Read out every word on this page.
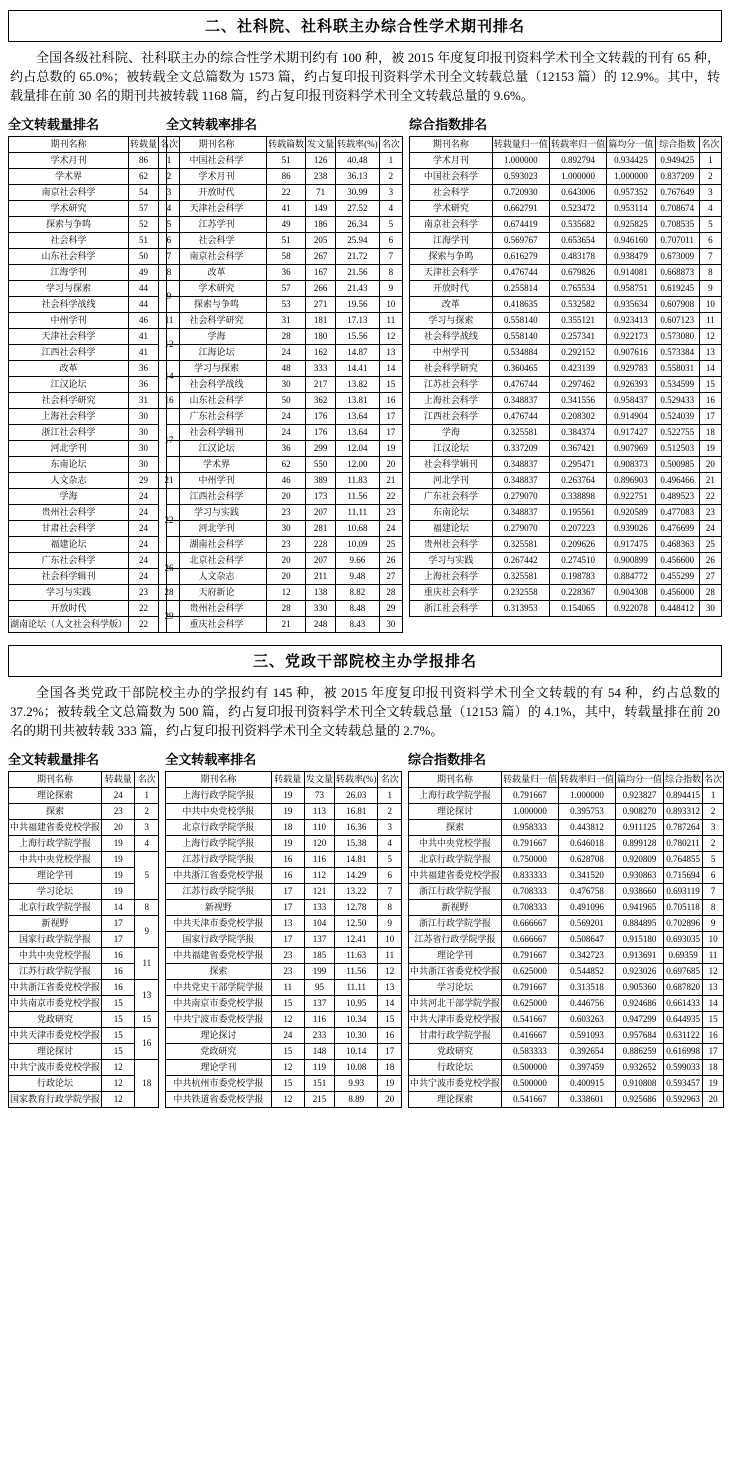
二、社科院、社科联主办综合性学术期刊排名
全国各级社科院、社科联主办的综合性学术期刊约有 100 种，被 2015 年度复印报刊资料学术刊全文转载的刊有 65 种，约占总数的 65.0%；被转载全文总篇数为 1573 篇，约占复印报刊资料学术刊全文转载总量（12153 篇）的 12.9%。其中，转载量排在前 30 名的期刊共被转载 1168 篇，约占复印报刊资料学术刊全文转载总量的 9.6%。
全文转载量排名
期刊名称	转载量	名次
学术月刊	86	1
学术界	62	2
南京社会科学	54	3
学术研究	57	4
探索与争鸣	52	5
社会科学	51	6
山东社会科学	50	7
江海学刊	49	8
学习与探索	44	9
社会科学战线	44	
中州学刊	46	11
天津社会科学	41	12
江西社会科学	41	
改革	36	14
江汉论坛	36	
社会科学研究	31	16
上海社会科学	30	17
浙江社会科学	30	
河北学刊	30	
东南论坛	30	
人文杂志	29	21
学海	24	22
贵州社会科学	24	
甘肃社会科学	24	
福建论坛	24	
广东社会科学	24	26
社会科学辑刊	24	
学习与实践	23	28
开放时代	22	29
湖南论坛（人文社会科学版）	22	
全文转载率排名
期刊名称	转载篇数	发文量	转载率(%)	名次
中国社会科学	51	126	40.48	1
学术月刊	86	238	36.13	2
开放时代	22	71	30.99	3
天津社会科学	41	149	27.52	4
江苏学刊	49	186	26.34	5
社会科学	51	205	25.94	6
南京社会科学	58	267	21.72	7
改革	36	167	21.56	8
学术研究	57	266	21.43	9
探索与争鸣	53	271	19.56	10
社会科学研究	31	181	17.13	11
学海	28	180	15.56	12
江海论坛	24	162	14.87	13
学习与探索	48	333	14.41	14
社会科学战线	30	217	13.82	15
山东社会科学	50	362	13.81	16
广东社会科学	24	176	13.64	17
社会科学辑刊	24	176	13.64	17
江汉论坛	36	299	12.04	19
学术界	62	550	12.00	20
中州学刊	46	389	11.83	21
江西社会科学	20	173	11.56	22
学习与实践	23	207	11.11	23
河北学刊	30	281	10.68	24
湖南社会科学	23	228	10.09	25
北京社会科学	20	207	9.66	26
人文杂志	20	211	9.48	27
天府新论	12	138	8.82	28
贵州社会科学	28	330	8.48	29
重庆社会科学	21	248	8.43	30
综合指数排名
期刊名称	转载量归一值	转载率归一值	篇均分一值	综合指数	名次
学术月刊	1.000000	0.892794	0.934425	0.949425	1
中国社会科学	0.593023	1.000000	1.000000	0.837209	2
社会科学	0.720930	0.643006	0.957352	0.767649	3
学术研究	0.662791	0.523472	0.953114	0.708674	4
南京社会科学	0.674419	0.535682	0.925825	0.708535	5
江海学刊	0.569767	0.653654	0.946160	0.707011	6
探索与争鸣	0.616279	0.483178	0.938479	0.673009	7
天津社会科学	0.476744	0.679826	0.914081	0.668873	8
开放时代	0.255814	0.765534	0.958751	0.619245	9
改革	0.418635	0.532582	0.935634	0.607908	10
学习与探索	0.558140	0.355121	0.923413	0.607123	11
社会科学战线	0.558140	0.257341	0.922173	0.573080	12
中州学刊	0.534884	0.292152	0.907616	0.573384	13
社会科学研究	0.360465	0.423139	0.929783	0.558031	14
江苏社会科学	0.476744	0.297462	0.926393	0.534599	15
上海社会科学	0.348837	0.341556	0.958437	0.529433	16
江西社会科学	0.476744	0.208302	0.914904	0.524039	17
学海	0.325581	0.384374	0.917427	0.522755	18
江汉论坛	0.337209	0.367421	0.907969	0.512503	19
社会科学辑刊	0.348837	0.295471	0.908373	0.500985	20
河北学刊	0.348837	0.263764	0.896903	0.496466	21
广东社会科学	0.279070	0.338898	0.922751	0.489523	22
东南论坛	0.348837	0.195561	0.920589	0.477083	23
福建论坛	0.279070	0.207223	0.939026	0.476699	24
贵州社会科学	0.325581	0.209626	0.917475	0.468363	25
学习与实践	0.267442	0.274510	0.900899	0.456600	26
上海社会科学	0.325581	0.198783	0.884772	0.455299	27
重庆社会科学	0.232558	0.228367	0.904308	0.456000	28
浙江社会科学	0.313953	0.154065	0.922078	0.448412	30
三、党政干部院校主办学报排名
全国各类党政干部院校主办的学报约有 145 种，被 2015 年度复印报刊资料学术刊全文转载的有 54 种，约占总数的 37.2%；被转载全文总篇数为 500 篇，约占复印报刊资料学术刊全文转载总量（12153 篇）的 4.1%，其中，转载量排在前 20 名的期刊共被转载 333 篇，约占复印报刊资料学术刊全文转载总量的 2.7%。
全文转载量排名
期刊名称	转载量	名次
理论探索	24	1
探索	23	2
中共福建省委党校学报	20	3
上海行政学院学报	19	4
中共中央党校学报	19	5
理论学刊	19	
学习论坛	19	
北京行政学院学报	14	8
新视野	17	9
国家行政学院学报	17	
中共中央党校学报	16	11
江苏行政学院学报	16	
中共浙江省委党校学报	16	13
中共南京市委党校学报	15	
党政研究	15	15
中共天津市委党校学报	15	16
理论探讨	15	
中共宁波市委党校学报	12	18
行政论坛	12	
国家教育行政学院学报	12	
全文转载率排名
期刊名称	转载量	发文量	转载率(%)	名次
上海行政学院学报	19	73	26.03	1
中共中央党校学报	19	113	16.81	2
北京行政学院学报	18	110	16.36	3
上海行政学院学报	19	120	15.38	4
江苏行政学院学报	16	116	14.81	5
中共浙江省委党校学报	16	112	14.29	6
江苏行政学院学报	17	121	13.22	7
新视野	17	133	12.78	8
中共天津市委党校学报	13	104	12.50	9
国家行政学院学报	17	137	12.41	10
中共福建省委党校学报	23	185	11.63	11
探索	23	199	11.56	12
中共党史干部学院学报	11	95	11.11	13
中共南京市委党校学报	15	137	10.95	14
中共宁波市委党校学报	12	116	10.34	15
理论探讨	24	233	10.30	16
党政研究	15	148	10.14	17
理论学刊	12	119	10.08	18
中共杭州市委党校学报	15	151	9.93	19
中共铁道省委党校学报	12	215	8.89	20
综合指数排名
期刊名称	转载量归一值	转载率归一值	篇均分一值	综合指数	名次
上海行政学院学报	0.791667	1.000000	0.923827	0.894415	1
理论探讨	1.000000	0.395753	0.908270	0.893312	2
探索	0.958333	0.443812	0.911125	0.787264	3
中共中央党校学报	0.791667	0.646018	0.899128	0.780211	2
北京行政学院学报	0.750000	0.628708	0.920809	0.764855	5
中共福建省委党校学报	0.833333	0.341520	0.930863	0.715694	6
浙江行政学院学报	0.708333	0.476758	0.938660	0.693119	7
新视野	0.708333	0.491096	0.941965	0.705118	8
浙江行政学院学报	0.666667	0.569201	0.884895	0.702896	9
江苏省行政学院学报	0.666667	0.508647	0.915180	0.693035	10
理论学刊	0.791667	0.342723	0.913691	0.69359	11
中共浙江省委党校学报	0.625000	0.544852	0.923026	0.697685	12
学习论坛	0.791667	0.313518	0.905360	0.687820	13
中共河北干部学院学报	0.625000	0.446756	0.924686	0.661433	14
中共大津市委党校学报	0.541667	0.603263	0.947299	0.644935	15
甘肃行政学院学报	0.416667	0.591093	0.957684	0.631122	16
党政研究	0.583333	0.392654	0.886259	0.616998	17
行政论坛	0.500000	0.397459	0.932652	0.599033	18
中共宁波市委党校学报	0.500000	0.400915	0.910808	0.593457	19
理论探索	0.541667	0.338601	0.925686	0.592963	20
